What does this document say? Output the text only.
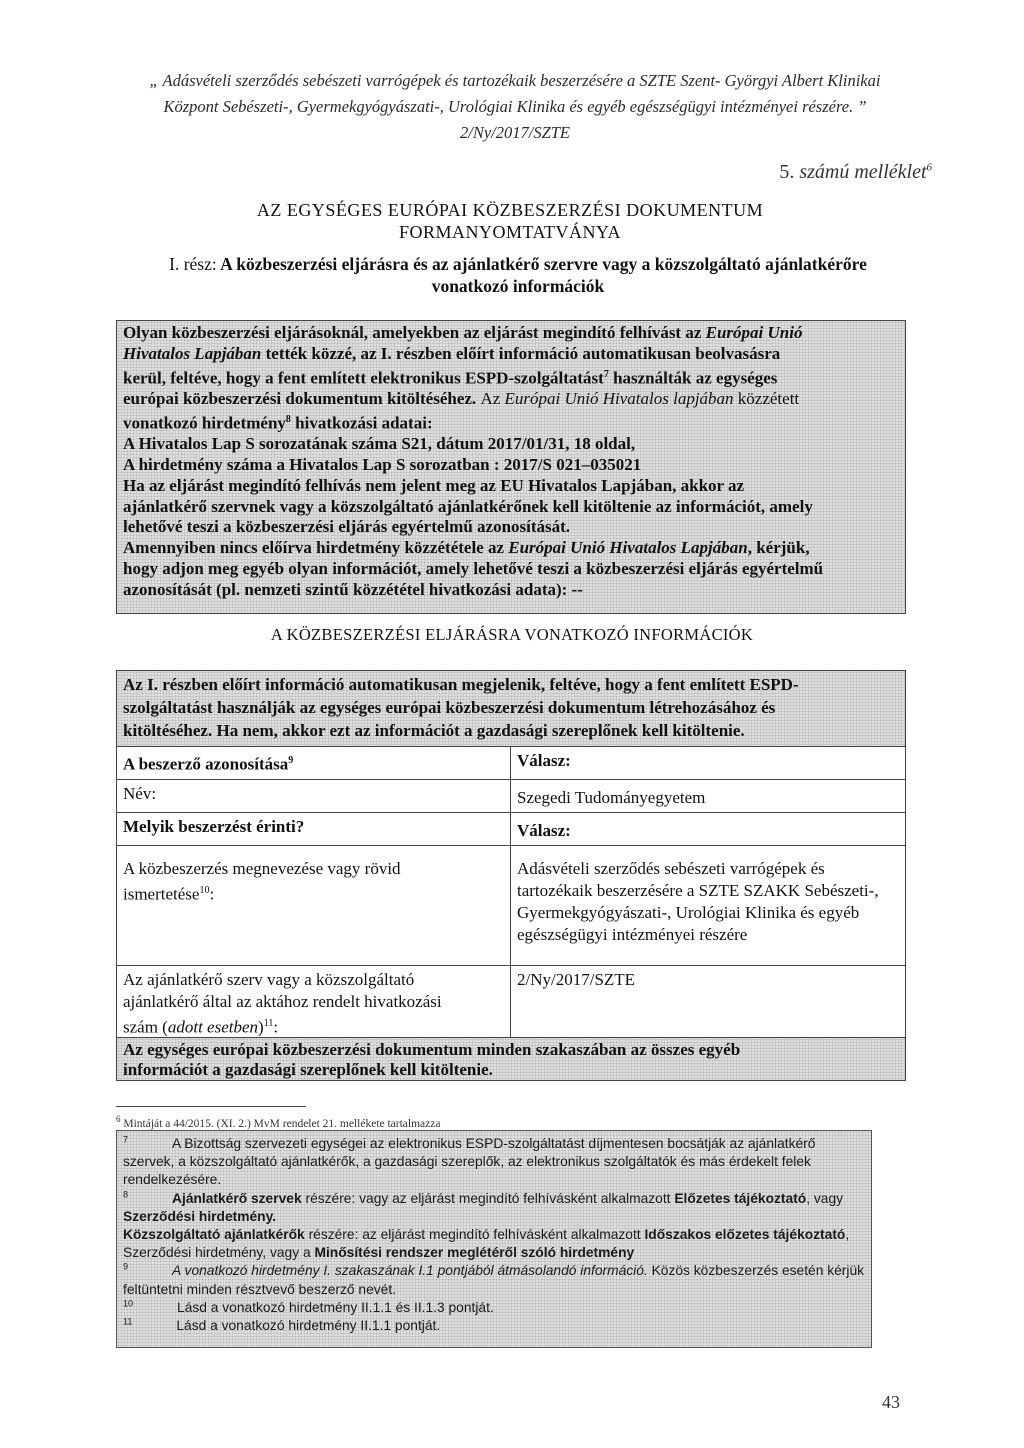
„ Adásvételi szerződés sebészeti varrógépek és tartozékaik beszerzésére a SZTE Szent- Györgyi Albert Klinikai
Központ Sebészeti-, Gyermekgyógyászati-, Urológiai Klinika és egyéb egészségügyi intézményei részére. ”
2/Ny/2017/SZTE
5. számú melléklet$^6$
AZ EGYSÉGES EURÓPAI KÖZBESZERZÉSI DOKUMENTUM
FORMANYOMTATVÁNYA
I. rész: A közbeszerzési eljárásra és az ajánlatkérő szervre vagy a közszolgáltató ajánlatkérőre
vonatkozó információk
Olyan közbeszerzési eljárásoknál, amelyekben az eljárást megindító felhívást az Európai Unió
Hivatalos Lapjában tették közzé, az I. részben előírt információ automatikusan beolvasásra
kerül, feltéve, hogy a fent említett elektronikus ESPD-szolgáltatást$^7$ használták az egységes
európai közbeszerzési dokumentum kitöltéséhez. Az Európai Unió Hivatalos lapjában közzétett
vonatkozó hirdetmény$^8$ hivatkozási adatai:
A Hivatalos Lap S sorozatának száma S21, dátum 2017/01/31, 18 oldal,
A hirdetmény száma a Hivatalos Lap S sorozatban : 2017/S 021–035021
Ha az eljárást megindító felhívás nem jelent meg az EU Hivatalos Lapjában, akkor az
ajánlatkérő szervnek vagy a közszolgáltató ajánlatkérőnek kell kitöltenie az információt, amely
lehetővé teszi a közbeszerzési eljárás egyértelmű azonosítását.
Amennyiben nincs előírva hirdetmény közzététele az Európai Unió Hivatalos Lapjában, kérjük,
hogy adjon meg egyéb olyan információt, amely lehetővé teszi a közbeszerzési eljárás egyértelmű
azonosítását (pl. nemzeti szintű közzététel hivatkozási adata): --
A KÖZBESZERZÉSI ELJÁRÁSRA VONATKOZÓ INFORMÁCIÓK
Az I. részben előírt információ automatikusan megjelenik, feltéve, hogy a fent említett ESPD-
szolgáltatást használják az egységes európai közbeszerzési dokumentum létrehozásához és
kitöltéséhez. Ha nem, akkor ezt az információt a gazdasági szereplőnek kell kitöltenie.
A beszerző azonosítása$^9$	Válasz:
Név:	Szegedi Tudományegyetem
Melyik beszerzést érinti?	Válasz:
A közbeszerzés megnevezése vagy rövid ismertetése$^{10}$:	Adásvételi szerződés sebészeti varrógépek és tartozékaik beszerzésére a SZTE SZAKK Sebészeti-, Gyermekgyógyászati-, Urológiai Klinika és egyéb egészségügyi intézményei részére
Az ajánlatkérő szerv vagy a közszolgáltató ajánlatkérő által az aktához rendelt hivatkozási szám (adott esetben)$^{11}$:	2/Ny/2017/SZTE
Az egységes európai közbeszerzési dokumentum minden szakaszában az összes egyéb
információt a gazdasági szereplőnek kell kitöltenie.
$^6$ Mintáját a 44/2015. (XI. 2.) MvM rendelet 21. mellékete tartalmazza
$^7$	A Bizottság szervezeti egységei az elektronikus ESPD-szolgáltatást díjmentesen bocsátják az ajánlatkérő szervek, a közszolgáltató ajánlatkérők, a gazdasági szereplők, az elektronikus szolgáltatók és más érdekelt felek rendelkezésére.
$^8$	Ajánlatkérő szervek részére: vagy az eljárást megindító felhívásként alkalmazott Előzetes tájékoztató, vagy Szerződési hirdetmény.
Közszolgáltató ajánlatkérők részére: az eljárást megindító felhívásként alkalmazott Időszakos előzetes tájékoztató, Szerződési hirdetmény, vagy a Minősítési rendszer meglétéről szóló hirdetmény
$^9$	A vonatkozó hirdetmény I. szakaszának I.1 pontjából átmásolandó információ. Közös közbeszerzés esetén kérjük feltüntetni minden résztvevő beszerző nevét.
$^{10}$	Lásd a vonatkozó hirdetmény II.1.1 és II.1.3 pontját.
$^{11}$	Lásd a vonatkozó hirdetmény II.1.1 pontját.
43
